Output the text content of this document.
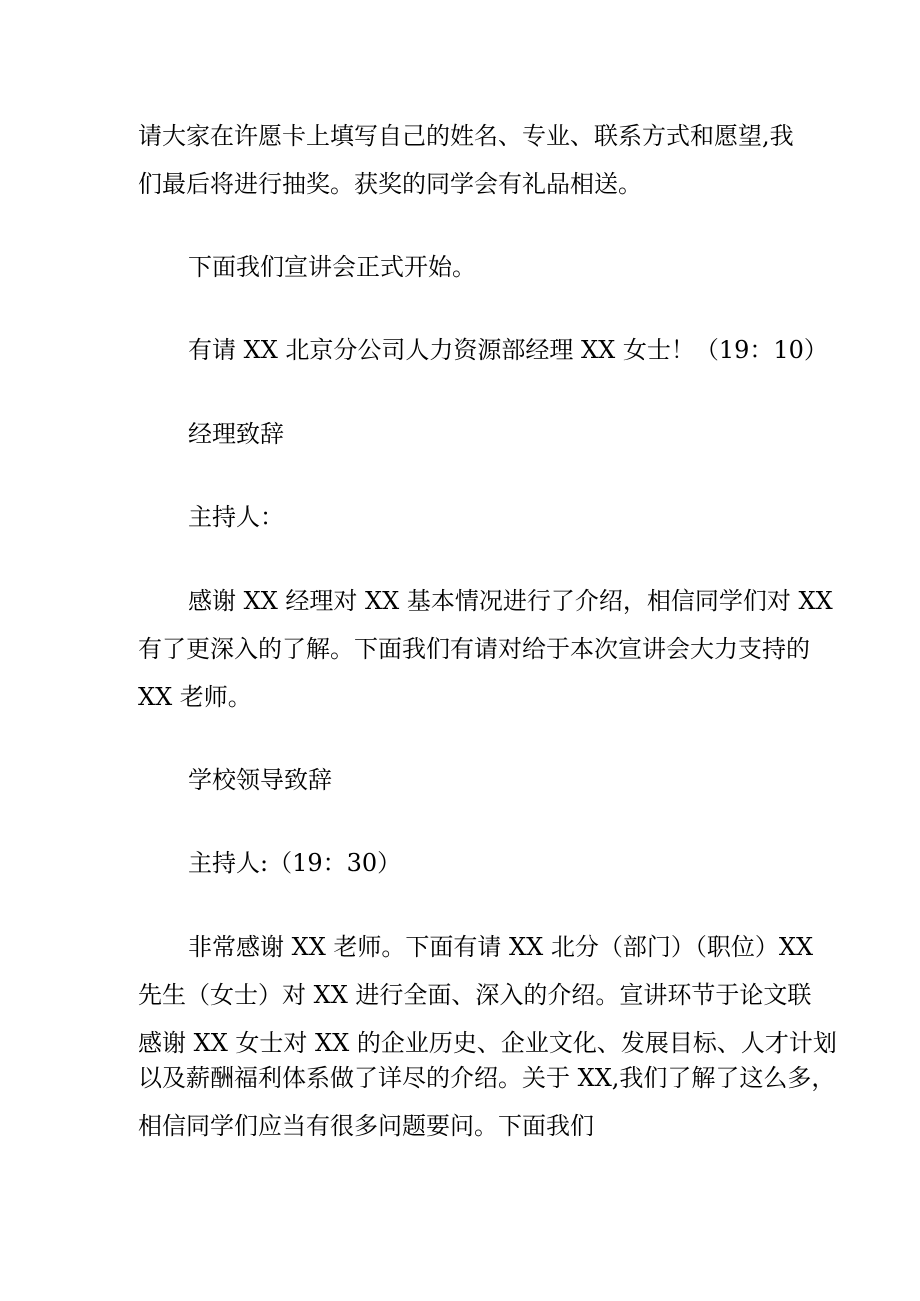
请大家在许愿卡上填写自己的姓名、专业、联系方式和愿望,我

们最后将进行抽奖。获奖的同学会有礼品相送。

下面我们宣讲会正式开始。

有请 XX 北京分公司人力资源部经理 XX 女士！（19：10）

经理致辞

主持人：

感谢 XX 经理对 XX 基本情况进行了介绍，相信同学们对 XX

有了更深入的了解。下面我们有请对给于本次宣讲会大力支持的

XX 老师。

学校领导致辞

主持人:（19：30）

非常感谢 XX 老师。下面有请 XX 北分（部门）（职位）XX

先生（女士）对 XX 进行全面、深入的介绍。宣讲环节于论文联

感谢 XX 女士对 XX 的企业历史、企业文化、发展目标、人才计划

以及薪酬福利体系做了详尽的介绍。关于 XX,我们了解了这么多，

相信同学们应当有很多问题要问。下面我们
